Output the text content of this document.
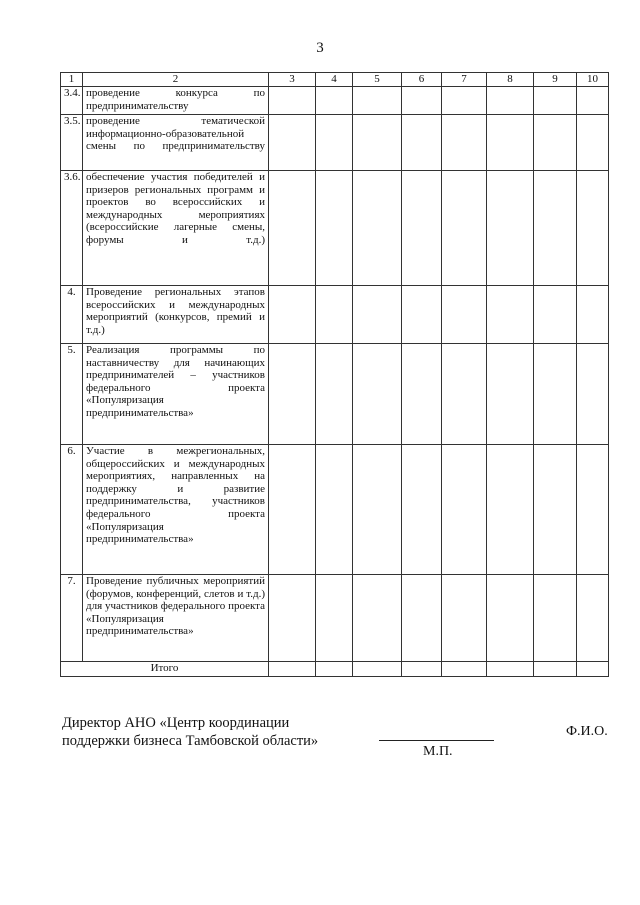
3
1	2	3	4	5	6	7	8	9	10
3.4.	проведение конкурса по предпринимательству								
3.5.	проведение тематической информационно-образовательной смены по предпринимательству								
3.6.	обеспечение участия победителей и призеров региональных программ и проектов во всероссийских и международных мероприятиях (всероссийские лагерные смены, форумы и т.д.)								
4.	Проведение региональных этапов всероссийских и международных мероприятий (конкурсов, премий и т.д.)								
5.	Реализация программы по наставничеству для начинающих предпринимателей – участников федерального проекта «Популяризация предпринимательства»								
6.	Участие в межрегиональных, общероссийских и международных мероприятиях, направленных на поддержку и развитие предпринимательства, участников федерального проекта «Популяризация предпринимательства»								
7.	Проведение публичных мероприятий (форумов, конференций, слетов и т.д.) для участников федерального проекта «Популяризация предпринимательства»								
Итого									
Директор АНО «Центр координации
поддержки бизнеса Тамбовской области»
М.П.
Ф.И.О.
